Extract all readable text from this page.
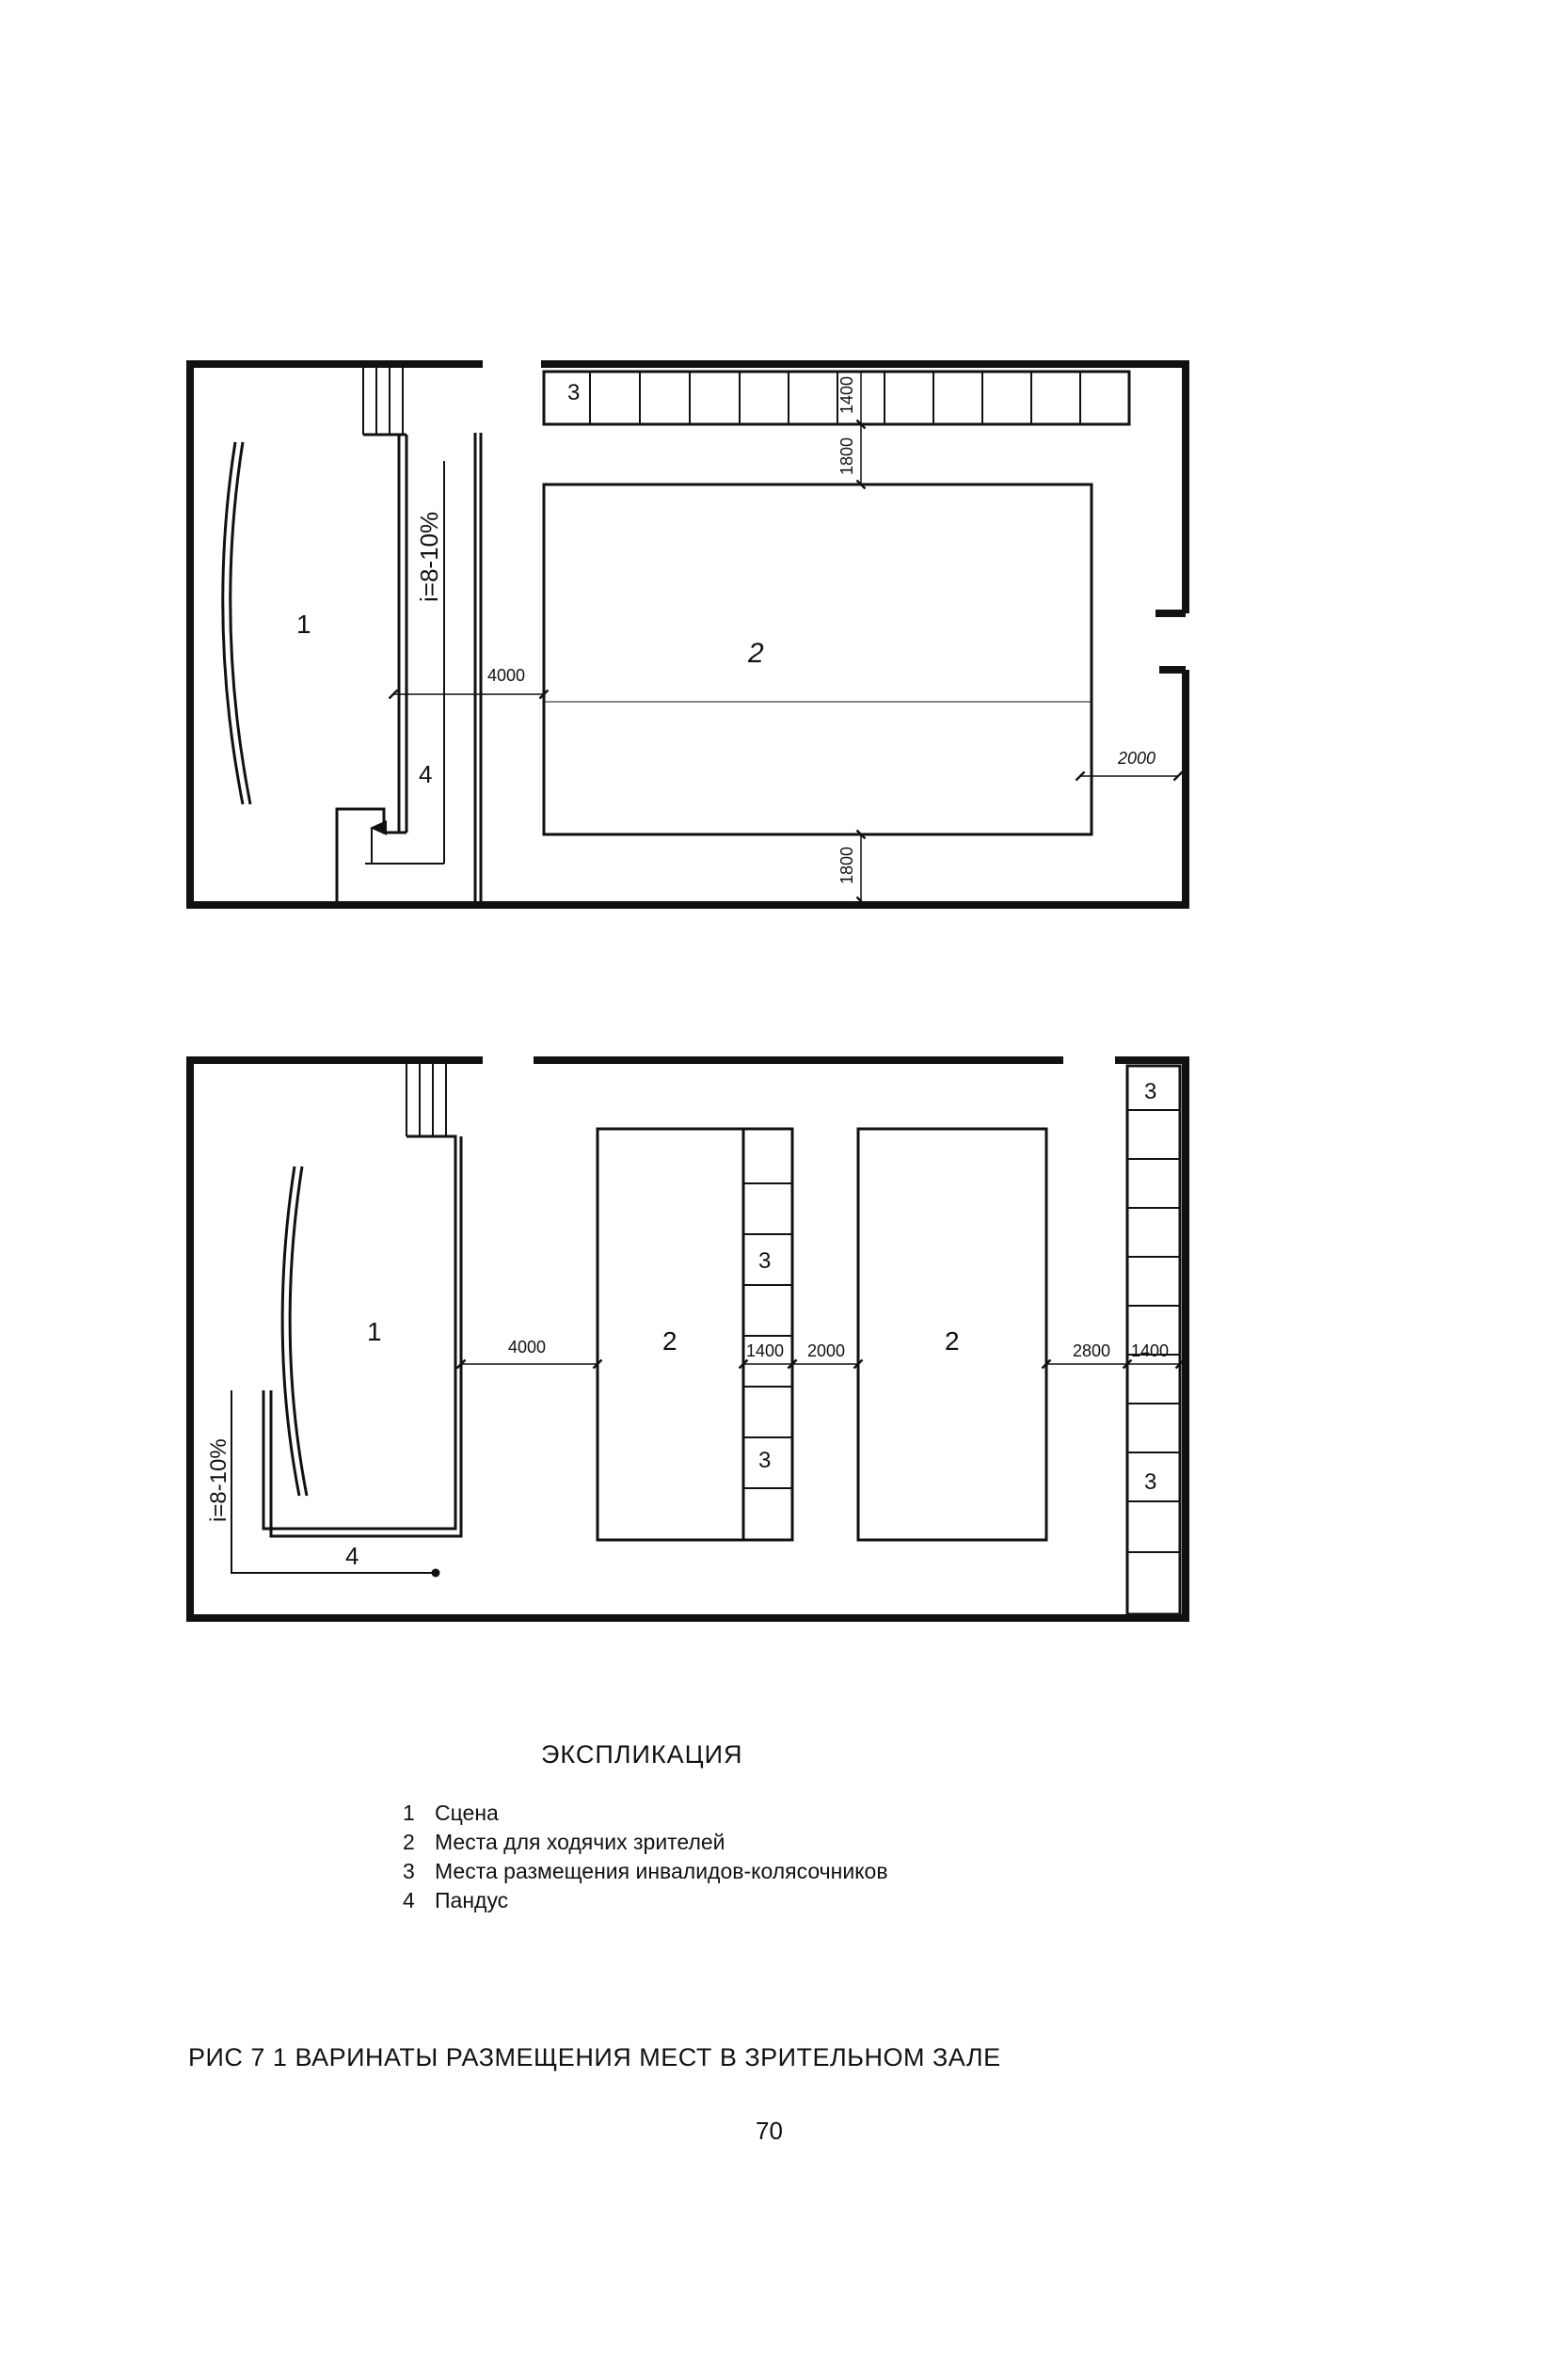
1
2
3
4
i=8-10%
4000
2000
1800
1400
1800
1	2	2
3
3
3
3
4
i=8-10%
4000	1400 2000	2800 1400
ЭКСПЛИКАЦИЯ
1 Сцена
2 Места для ходячих зрителей
3 Места размещения инвалидов-колясочников
4 Пандус
РИС 7 1 ВАРИНАТЫ РАЗМЕЩЕНИЯ МЕСТ В ЗРИТЕЛЬНОМ ЗАЛЕ
70
